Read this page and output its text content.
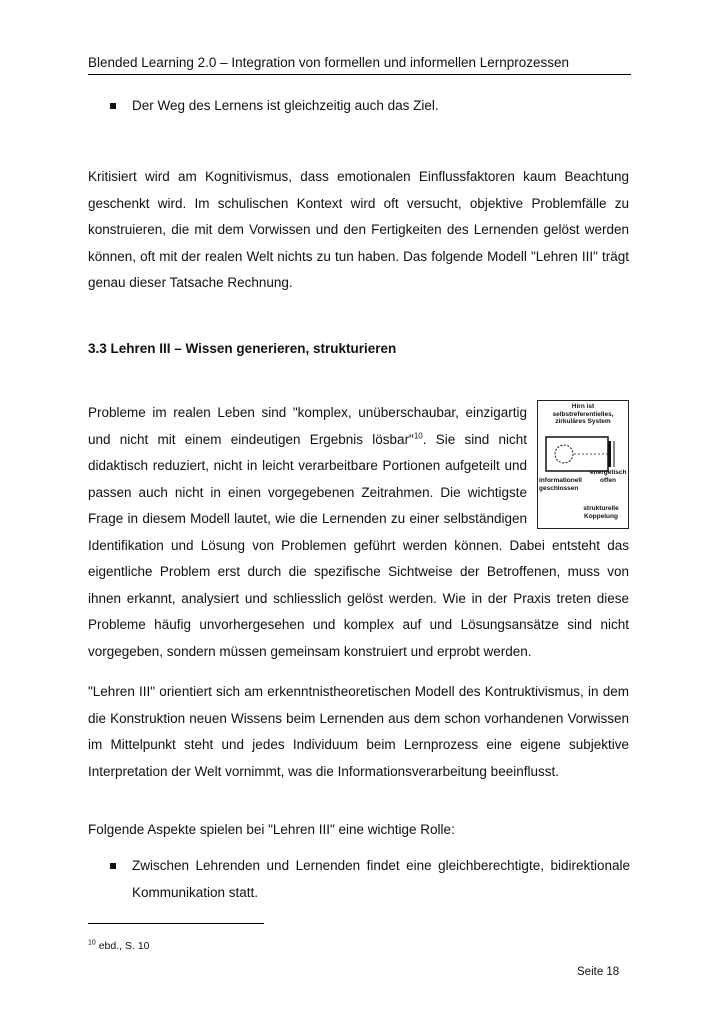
Blended Learning 2.0 – Integration von formellen und informellen Lernprozessen
Der Weg des Lernens ist gleichzeitig auch das Ziel.
Kritisiert wird am Kognitivismus, dass emotionalen Einflussfaktoren kaum Beachtung geschenkt wird. Im schulischen Kontext wird oft versucht, objektive Problemfälle zu konstruieren, die mit dem Vorwissen und den Fertigkeiten des Lernenden gelöst werden können, oft mit der realen Welt nichts zu tun haben. Das folgende Modell "Lehren III" trägt genau dieser Tatsache Rechnung.
3.3 Lehren III – Wissen generieren, strukturieren
Hirn ist selbstreferentielles, zirkuläres System
energetisch offen
informationell geschlossen
strukturelle Koppelung
Probleme im realen Leben sind "komplex, unüberschaubar, einzigartig und nicht mit einem eindeutigen Ergebnis lösbar"$^{10}$. Sie sind nicht didaktisch reduziert, nicht in leicht verarbeitbare Portionen aufgeteilt und passen auch nicht in einen vorgegebenen Zeitrahmen. Die wichtigste Frage in diesem Modell lautet, wie die Lernenden zu einer selbständigen Identifikation und Lösung von Problemen geführt werden können. Dabei entsteht das eigentliche Problem erst durch die spezifische Sichtweise der Betroffenen, muss von ihnen erkannt, analysiert und schliesslich gelöst werden. Wie in der Praxis treten diese Probleme häufig unvorhergesehen und komplex auf und Lösungsansätze sind nicht vorgegeben, sondern müssen gemeinsam konstruiert und erprobt werden.
"Lehren III" orientiert sich am erkenntnistheoretischen Modell des Kontruktivismus, in dem die Konstruktion neuen Wissens beim Lernenden aus dem schon vorhandenen Vorwissen im Mittelpunkt steht und jedes Individuum beim Lernprozess eine eigene subjektive Interpretation der Welt vornimmt, was die Informationsverarbeitung beeinflusst.
Folgende Aspekte spielen bei "Lehren III" eine wichtige Rolle:
Zwischen Lehrenden und Lernenden findet eine gleichberechtigte, bidirektionale Kommunikation statt.
$^{10}$ ebd., S. 10
Seite 18
